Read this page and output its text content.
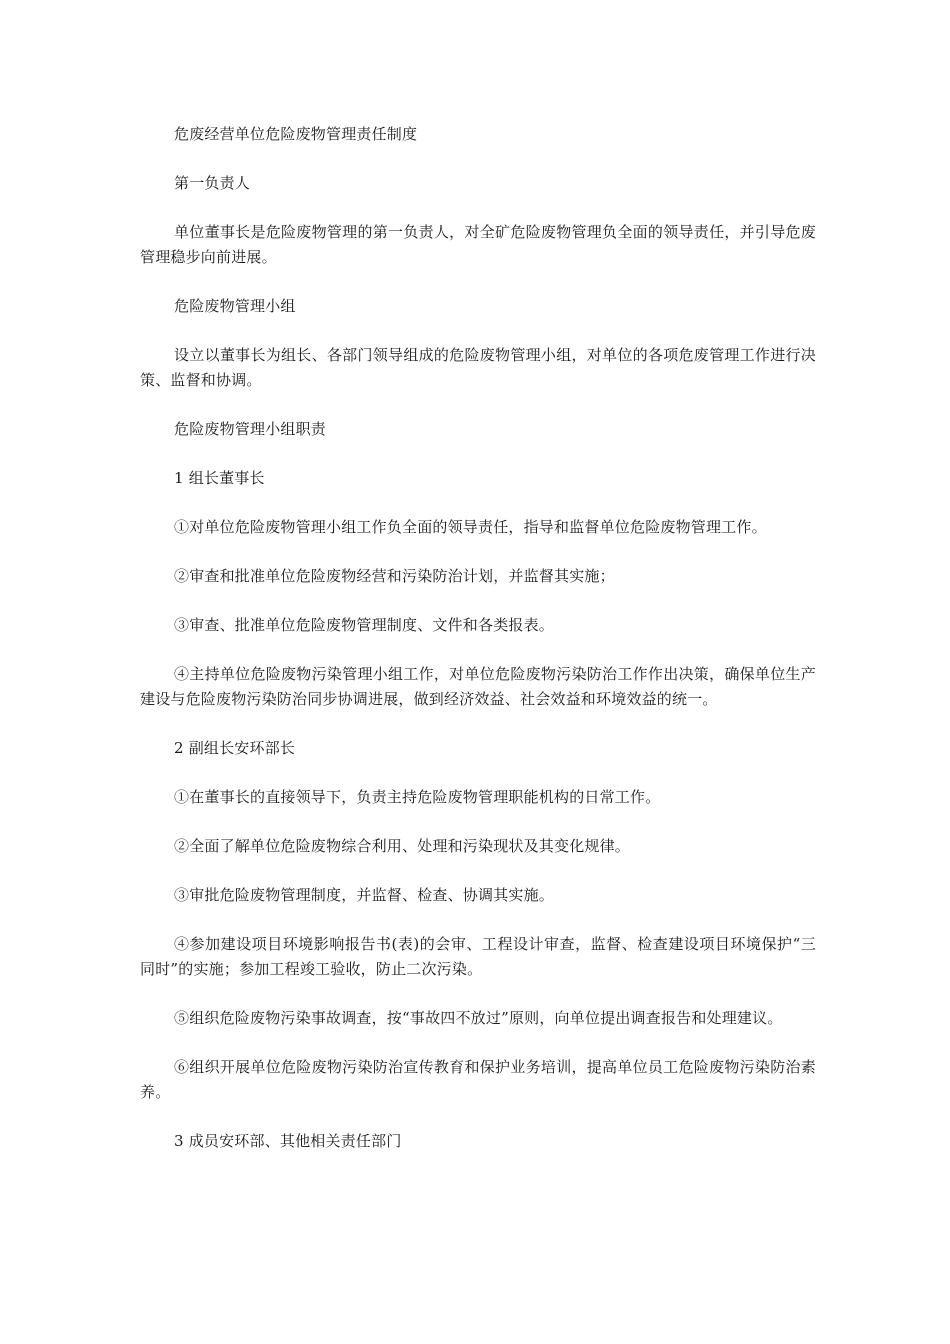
危废经营单位危险废物管理责任制度

第一负责人

单位董事长是危险废物管理的第一负责人，对全矿危险废物管理负全面的领导责任，并引导危废管理稳步向前进展。

危险废物管理小组

设立以董事长为组长、各部门领导组成的危险废物管理小组，对单位的各项危废管理工作进行决策、监督和协调。

危险废物管理小组职责

1 组长董事长

①对单位危险废物管理小组工作负全面的领导责任，指导和监督单位危险废物管理工作。

②审查和批准单位危险废物经营和污染防治计划，并监督其实施；

③审查、批准单位危险废物管理制度、文件和各类报表。

④主持单位危险废物污染管理小组工作，对单位危险废物污染防治工作作出决策，确保单位生产建设与危险废物污染防治同步协调进展，做到经济效益、社会效益和环境效益的统一。

2 副组长安环部长

①在董事长的直接领导下，负责主持危险废物管理职能机构的日常工作。

②全面了解单位危险废物综合利用、处理和污染现状及其变化规律。

③审批危险废物管理制度，并监督、检查、协调其实施。

④参加建设项目环境影响报告书(表)的会审、工程设计审查，监督、检查建设项目环境保护“三同时”的实施；参加工程竣工验收，防止二次污染。

⑤组织危险废物污染事故调查，按“事故四不放过”原则，向单位提出调查报告和处理建议。

⑥组织开展单位危险废物污染防治宣传教育和保护业务培训，提高单位员工危险废物污染防治素养。

3 成员安环部、其他相关责任部门
